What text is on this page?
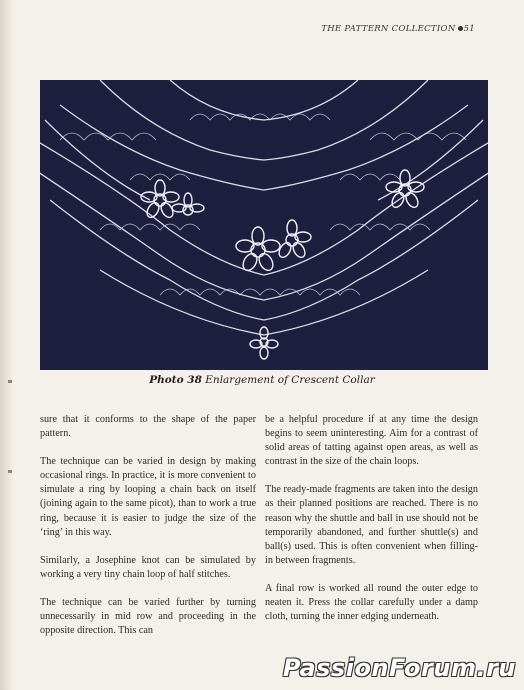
THE PATTERN COLLECTION 51
Photo 38 Enlargement of Crescent Collar

sure that it conforms to the shape of the paper pattern.

The technique can be varied in design by making occasional rings. In practice, it is more convenient to simulate a ring by looping a chain back on itself (joining again to the same picot), than to work a true ring, because it is easier to judge the size of the ‘ring’ in this way.

Similarly, a Josephine knot can be simulated by working a very tiny chain loop of half stitches.

The technique can be varied further by turning unnecessarily in mid row and proceeding in the opposite direction. This can

be a helpful procedure if at any time the design begins to seem uninteresting. Aim for a contrast of solid areas of tatting against open areas, as well as contrast in the size of the chain loops.

The ready-made fragments are taken into the design as their planned positions are reached. There is no reason why the shuttle and ball in use should not be temporarily abandoned, and further shuttle(s) and ball(s) used. This is often convenient when filling-in between fragments.

A final row is worked all round the outer edge to neaten it. Press the collar carefully under a damp cloth, turning the inner edging underneath.

PassionForum.ru
